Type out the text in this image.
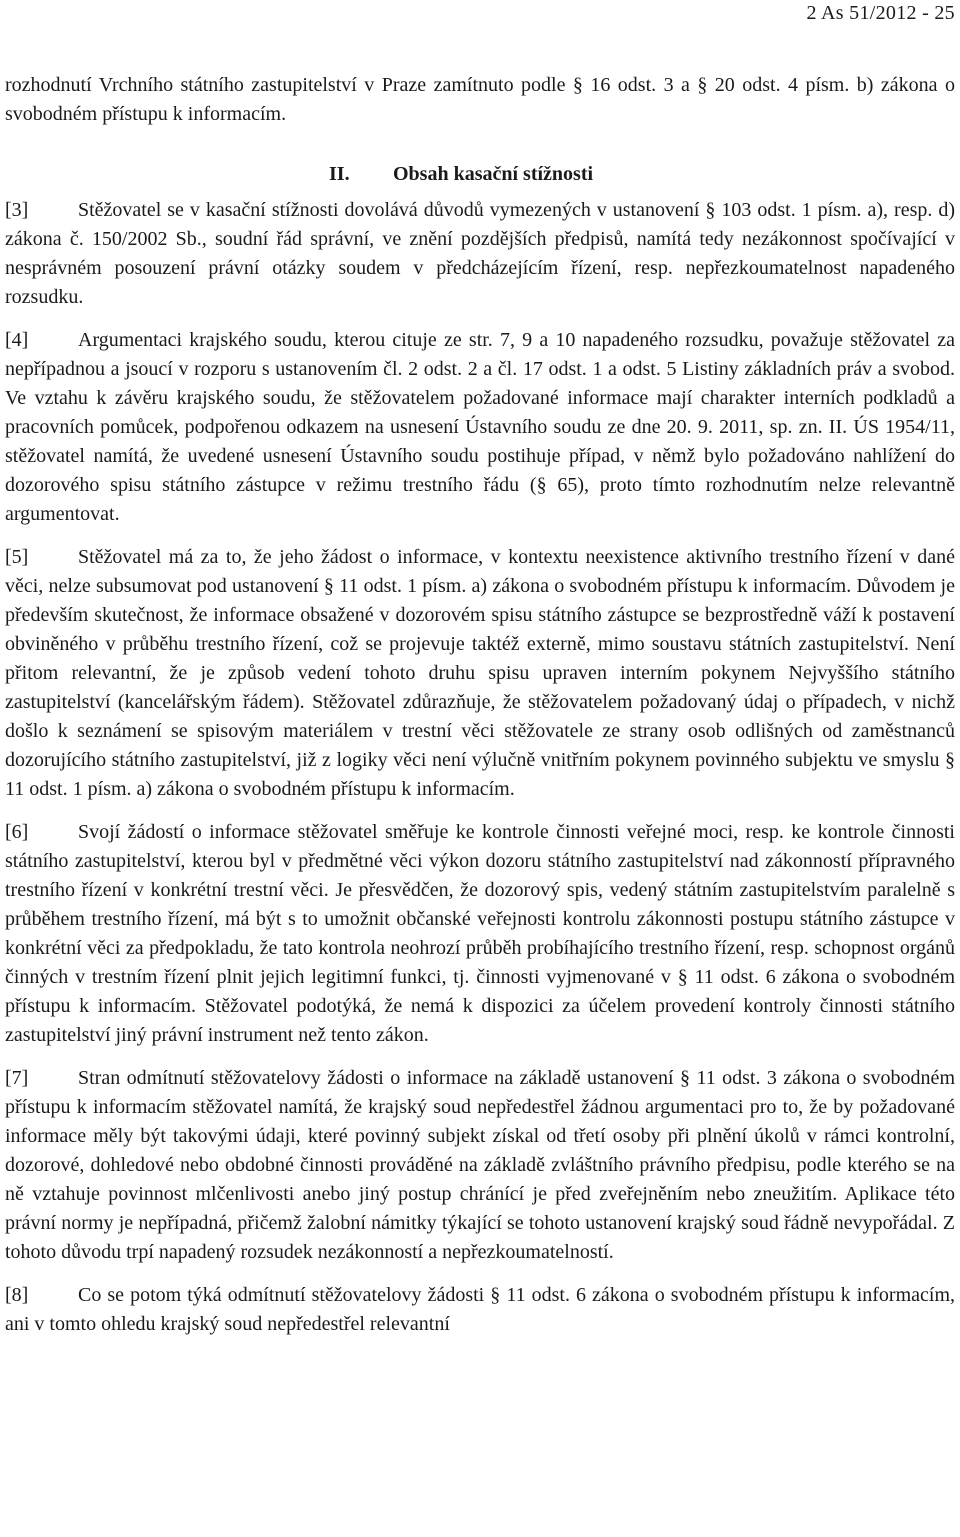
2 As 51/2012 - 25

rozhodnutí Vrchního státního zastupitelství v Praze zamítnuto podle § 16 odst. 3 a § 20 odst. 4 písm. b) zákona o svobodném přístupu k informacím.

II. Obsah kasační stížnosti

[3] Stěžovatel se v kasační stížnosti dovolává důvodů vymezených v ustanovení § 103 odst. 1 písm. a), resp. d) zákona č. 150/2002 Sb., soudní řád správní, ve znění pozdějších předpisů, namítá tedy nezákonnost spočívající v nesprávném posouzení právní otázky soudem v předcházejícím řízení, resp. nepřezkoumatelnost napadeného rozsudku.

[4] Argumentaci krajského soudu, kterou cituje ze str. 7, 9 a 10 napadeného rozsudku, považuje stěžovatel za nepřípadnou a jsoucí v rozporu s ustanovením čl. 2 odst. 2 a čl. 17 odst. 1 a odst. 5 Listiny základních práv a svobod. Ve vztahu k závěru krajského soudu, že stěžovatelem požadované informace mají charakter interních podkladů a pracovních pomůcek, podpořenou odkazem na usnesení Ústavního soudu ze dne 20. 9. 2011, sp. zn. II. ÚS 1954/11, stěžovatel namítá, že uvedené usnesení Ústavního soudu postihuje případ, v němž bylo požadováno nahlížení do dozorového spisu státního zástupce v režimu trestního řádu (§ 65), proto tímto rozhodnutím nelze relevantně argumentovat.

[5] Stěžovatel má za to, že jeho žádost o informace, v kontextu neexistence aktivního trestního řízení v dané věci, nelze subsumovat pod ustanovení § 11 odst. 1 písm. a) zákona o svobodném přístupu k informacím. Důvodem je především skutečnost, že informace obsažené v dozorovém spisu státního zástupce se bezprostředně váží k postavení obviněného v průběhu trestního řízení, což se projevuje taktéž externě, mimo soustavu státních zastupitelství. Není přitom relevantní, že je způsob vedení tohoto druhu spisu upraven interním pokynem Nejvyššího státního zastupitelství (kancelářským řádem). Stěžovatel zdůrazňuje, že stěžovatelem požadovaný údaj o případech, v nichž došlo k seznámení se spisovým materiálem v trestní věci stěžovatele ze strany osob odlišných od zaměstnanců dozorujícího státního zastupitelství, již z logiky věci není výlučně vnitřním pokynem povinného subjektu ve smyslu § 11 odst. 1 písm. a) zákona o svobodném přístupu k informacím.

[6] Svojí žádostí o informace stěžovatel směřuje ke kontrole činnosti veřejné moci, resp. ke kontrole činnosti státního zastupitelství, kterou byl v předmětné věci výkon dozoru státního zastupitelství nad zákonností přípravného trestního řízení v konkrétní trestní věci. Je přesvědčen, že dozorový spis, vedený státním zastupitelstvím paralelně s průběhem trestního řízení, má být s to umožnit občanské veřejnosti kontrolu zákonnosti postupu státního zástupce v konkrétní věci za předpokladu, že tato kontrola neohrozí průběh probíhajícího trestního řízení, resp. schopnost orgánů činných v trestním řízení plnit jejich legitimní funkci, tj. činnosti vyjmenované v § 11 odst. 6 zákona o svobodném přístupu k informacím. Stěžovatel podotýká, že nemá k dispozici za účelem provedení kontroly činnosti státního zastupitelství jiný právní instrument než tento zákon.

[7] Stran odmítnutí stěžovatelovy žádosti o informace na základě ustanovení § 11 odst. 3 zákona o svobodném přístupu k informacím stěžovatel namítá, že krajský soud nepředestřel žádnou argumentaci pro to, že by požadované informace měly být takovými údaji, které povinný subjekt získal od třetí osoby při plnění úkolů v rámci kontrolní, dozorové, dohledové nebo obdobné činnosti prováděné na základě zvláštního právního předpisu, podle kterého se na ně vztahuje povinnost mlčenlivosti anebo jiný postup chránící je před zveřejněním nebo zneužitím. Aplikace této právní normy je nepřípadná, přičemž žalobní námitky týkající se tohoto ustanovení krajský soud řádně nevypořádal. Z tohoto důvodu trpí napadený rozsudek nezákonností a nepřezkoumatelností.

[8] Co se potom týká odmítnutí stěžovatelovy žádosti § 11 odst. 6 zákona o svobodném přístupu k informacím, ani v tomto ohledu krajský soud nepředestřel relevantní
